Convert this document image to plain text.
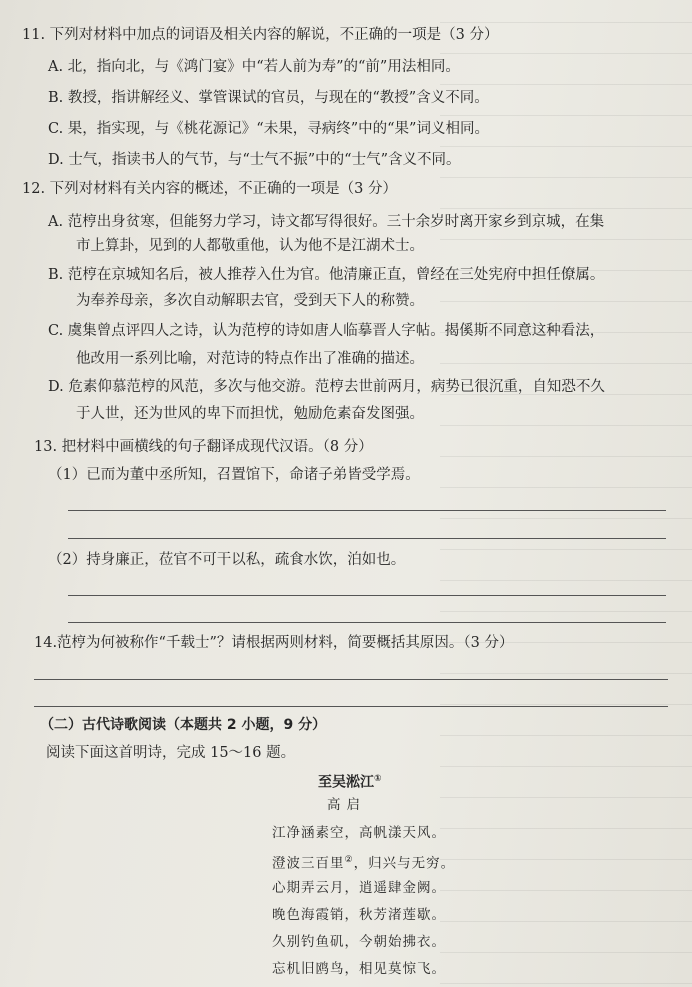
11. 下列对材料中加点的词语及相关内容的解说，不正确的一项是（3 分）
A. 北，指向北，与《鸿门宴》中“若人前为寿”的“前”用法相同。
B. 教授，指讲解经义、掌管课试的官员，与现在的“教授”含义不同。
C. 果，指实现，与《桃花源记》“未果，寻病终”中的“果”词义相同。
D. 士气，指读书人的气节，与“士气不振”中的“士气”含义不同。
12. 下列对材料有关内容的概述，不正确的一项是（3 分）
A. 范梈出身贫寒，但能努力学习，诗文都写得很好。三十余岁时离开家乡到京城，在集
市上算卦，见到的人都敬重他，认为他不是江湖术士。
B. 范梈在京城知名后，被人推荐入仕为官。他清廉正直，曾经在三处宪府中担任僚属。
为奉养母亲，多次自动解职去官，受到天下人的称赞。
C. 虞集曾点评四人之诗，认为范梈的诗如唐人临摹晋人字帖。揭傒斯不同意这种看法，
他改用一系列比喻，对范诗的特点作出了准确的描述。
D. 危素仰慕范梈的风范，多次与他交游。范梈去世前两月，病势已很沉重，自知恐不久
于人世，还为世风的卑下而担忧，勉励危素奋发图强。
13. 把材料中画横线的句子翻译成现代汉语。（8 分）
（1）已而为董中丞所知，召置馆下，命诸子弟皆受学焉。
（2）持身廉正，莅官不可干以私，疏食水饮，泊如也。
14.范梈为何被称作“千载士”？请根据两则材料，简要概括其原因。（3 分）
（二）古代诗歌阅读（本题共 2 小题，9 分）
阅读下面这首明诗，完成 15～16 题。
至吴淞江①
高启
江净涵素空，高帆漾天风。
澄波三百里②，归兴与无穷。
心期弄云月，逍遥肆金阙。
晚色海霞销，秋芳渚莲歇。
久别钓鱼矶，今朝始拂衣。
忘机旧鸥鸟，相见莫惊飞。
